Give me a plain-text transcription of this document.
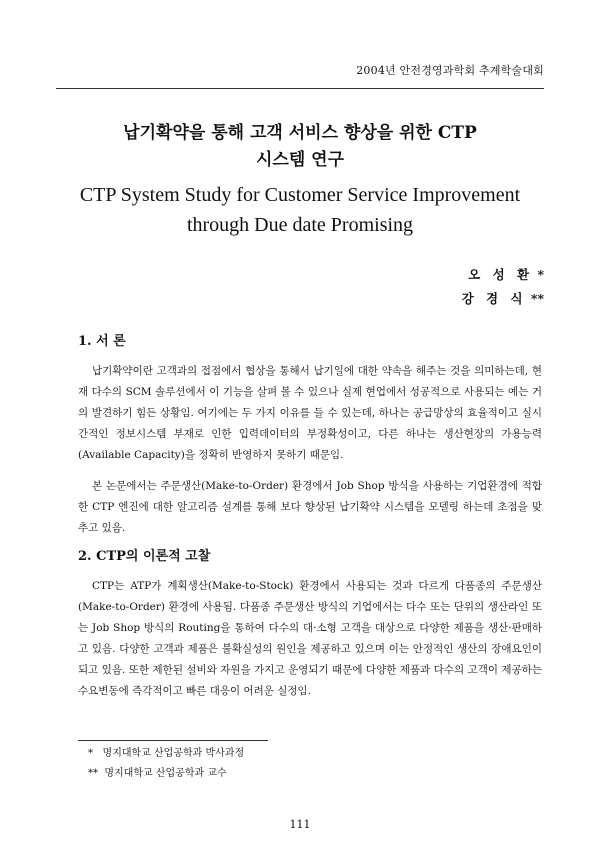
2004년 안전경영과학회 추계학술대회

납기확약을 통해 고객 서비스 향상을 위한 CTP

시스템 연구

CTP System Study for Customer Service Improvement
through Due date Promising

오 성 환 *
강 경 식 **

1. 서 론

납기확약이란 고객과의 접점에서 협상을 통해서 납기일에 대한 약속을 해주는 것을 의미하는데, 현재 다수의 SCM 솔루션에서 이 기능을 살펴 볼 수 있으나 실제 현업에서 성공적으로 사용되는 예는 거의 발견하기 힘든 상황임. 여기에는 두 가지 이유를 들 수 있는데, 하나는 공급망상의 효율적이고 실시간적인 정보시스템 부재로 인한 입력데이터의 부정확성이고, 다른 하나는 생산현장의 가용능력(Available Capacity)을 정확히 반영하지 못하기 때문임.

본 논문에서는 주문생산(Make-to-Order) 환경에서 Job Shop 방식을 사용하는 기업환경에 적합한 CTP 엔진에 대한 알고리즘 설계를 통해 보다 향상된 납기확약 시스템을 모델링 하는데 초점을 맞추고 있음.

2. CTP의 이론적 고찰

CTP는 ATP가 계획생산(Make-to-Stock) 환경에서 사용되는 것과 다르게 다품종의 주문생산(Make-to-Order) 환경에 사용됨. 다품종 주문생산 방식의 기업에서는 다수 또는 단위의 생산라인 또는 Job Shop 방식의 Routing을 통하여 다수의 대·소형 고객을 대상으로 다양한 제품을 생산·판매하고 있음. 다양한 고객과 제품은 불확실성의 원인을 제공하고 있으며 이는 안정적인 생산의 장애요인이 되고 있음. 또한 제한된 설비와 자원을 가지고 운영되기 때문에 다양한 제품과 다수의 고객이 제공하는 수요변동에 즉각적이고 빠른 대응이 어려운 실정임.

* 명지대학교 산업공학과 박사과정
** 명지대학교 산업공학과 교수
111
